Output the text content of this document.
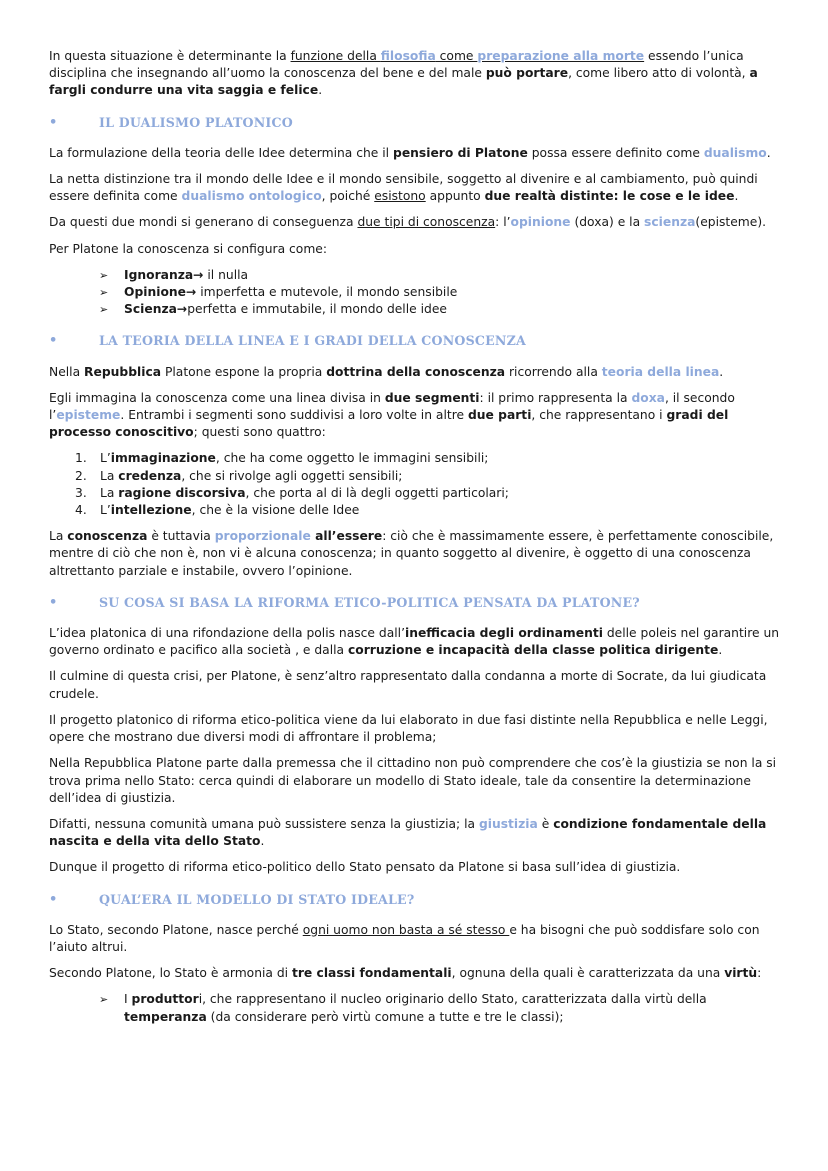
In questa situazione è determinante la funzione della filosofia come preparazione alla morte essendo l’unica disciplina che insegnando all’uomo la conoscenza del bene e del male può portare, come libero atto di volontà, a fargli condurre una vita saggia e felice.

•	IL DUALISMO PLATONICO

La formulazione della teoria delle Idee determina che il pensiero di Platone possa essere definito come dualismo.

La netta distinzione tra il mondo delle Idee e il mondo sensibile, soggetto al divenire e al cambiamento, può quindi essere definita come dualismo ontologico, poiché esistono appunto due realtà distinte: le cose e le idee.

Da questi due mondi si generano di conseguenza due tipi di conoscenza: l’opinione (doxa) e la scienza(episteme).

Per Platone la conoscenza si configura come:

➢ Ignoranza→ il nulla
➢ Opinione→ imperfetta e mutevole, il mondo sensibile
➢ Scienza→perfetta e immutabile, il mondo delle idee
•	LA TEORIA DELLA LINEA E I GRADI DELLA CONOSCENZA

Nella Repubblica Platone espone la propria dottrina della conoscenza ricorrendo alla teoria della linea.

Egli immagina la conoscenza come una linea divisa in due segmenti: il primo rappresenta la doxa, il secondo l’episteme. Entrambi i segmenti sono suddivisi a loro volte in altre due parti, che rappresentano i gradi del processo conoscitivo; questi sono quattro:

1. L’immaginazione, che ha come oggetto le immagini sensibili;
2. La credenza, che si rivolge agli oggetti sensibili;
3. La ragione discorsiva, che porta al di là degli oggetti particolari;
4. L’intellezione, che è la visione delle Idee

La conoscenza è tuttavia proporzionale all’essere: ciò che è massimamente essere, è perfettamente conoscibile, mentre di ciò che non è, non vi è alcuna conoscenza; in quanto soggetto al divenire, è oggetto di una conoscenza altrettanto parziale e instabile, ovvero l’opinione.

•	SU COSA SI BASA LA RIFORMA ETICO-POLITICA PENSATA DA PLATONE?

L’idea platonica di una rifondazione della polis nasce dall’inefficacia degli ordinamenti delle poleis nel garantire un governo ordinato e pacifico alla società , e dalla corruzione e incapacità della classe politica dirigente.

Il culmine di questa crisi, per Platone, è senz’altro rappresentato dalla condanna a morte di Socrate, da lui giudicata crudele.

Il progetto platonico di riforma etico-politica viene da lui elaborato in due fasi distinte nella Repubblica e nelle Leggi, opere che mostrano due diversi modi di affrontare il problema;

Nella Repubblica Platone parte dalla premessa che il cittadino non può comprendere che cos’è la giustizia se non la si trova prima nello Stato: cerca quindi di elaborare un modello di Stato ideale, tale da consentire la determinazione dell’idea di giustizia.

Difatti, nessuna comunità umana può sussistere senza la giustizia; la giustizia è condizione fondamentale della nascita e della vita dello Stato.

Dunque il progetto di riforma etico-politico dello Stato pensato da Platone si basa sull’idea di giustizia.

•	QUAL’ERA IL MODELLO DI STATO IDEALE?

Lo Stato, secondo Platone, nasce perché ogni uomo non basta a sé stesso e ha bisogni che può soddisfare solo con l’aiuto altrui.

Secondo Platone, lo Stato è armonia di tre classi fondamentali, ognuna della quali è caratterizzata da una virtù:

➢ I produttori, che rappresentano il nucleo originario dello Stato, caratterizzata dalla virtù della temperanza (da considerare però virtù comune a tutte e tre le classi);
